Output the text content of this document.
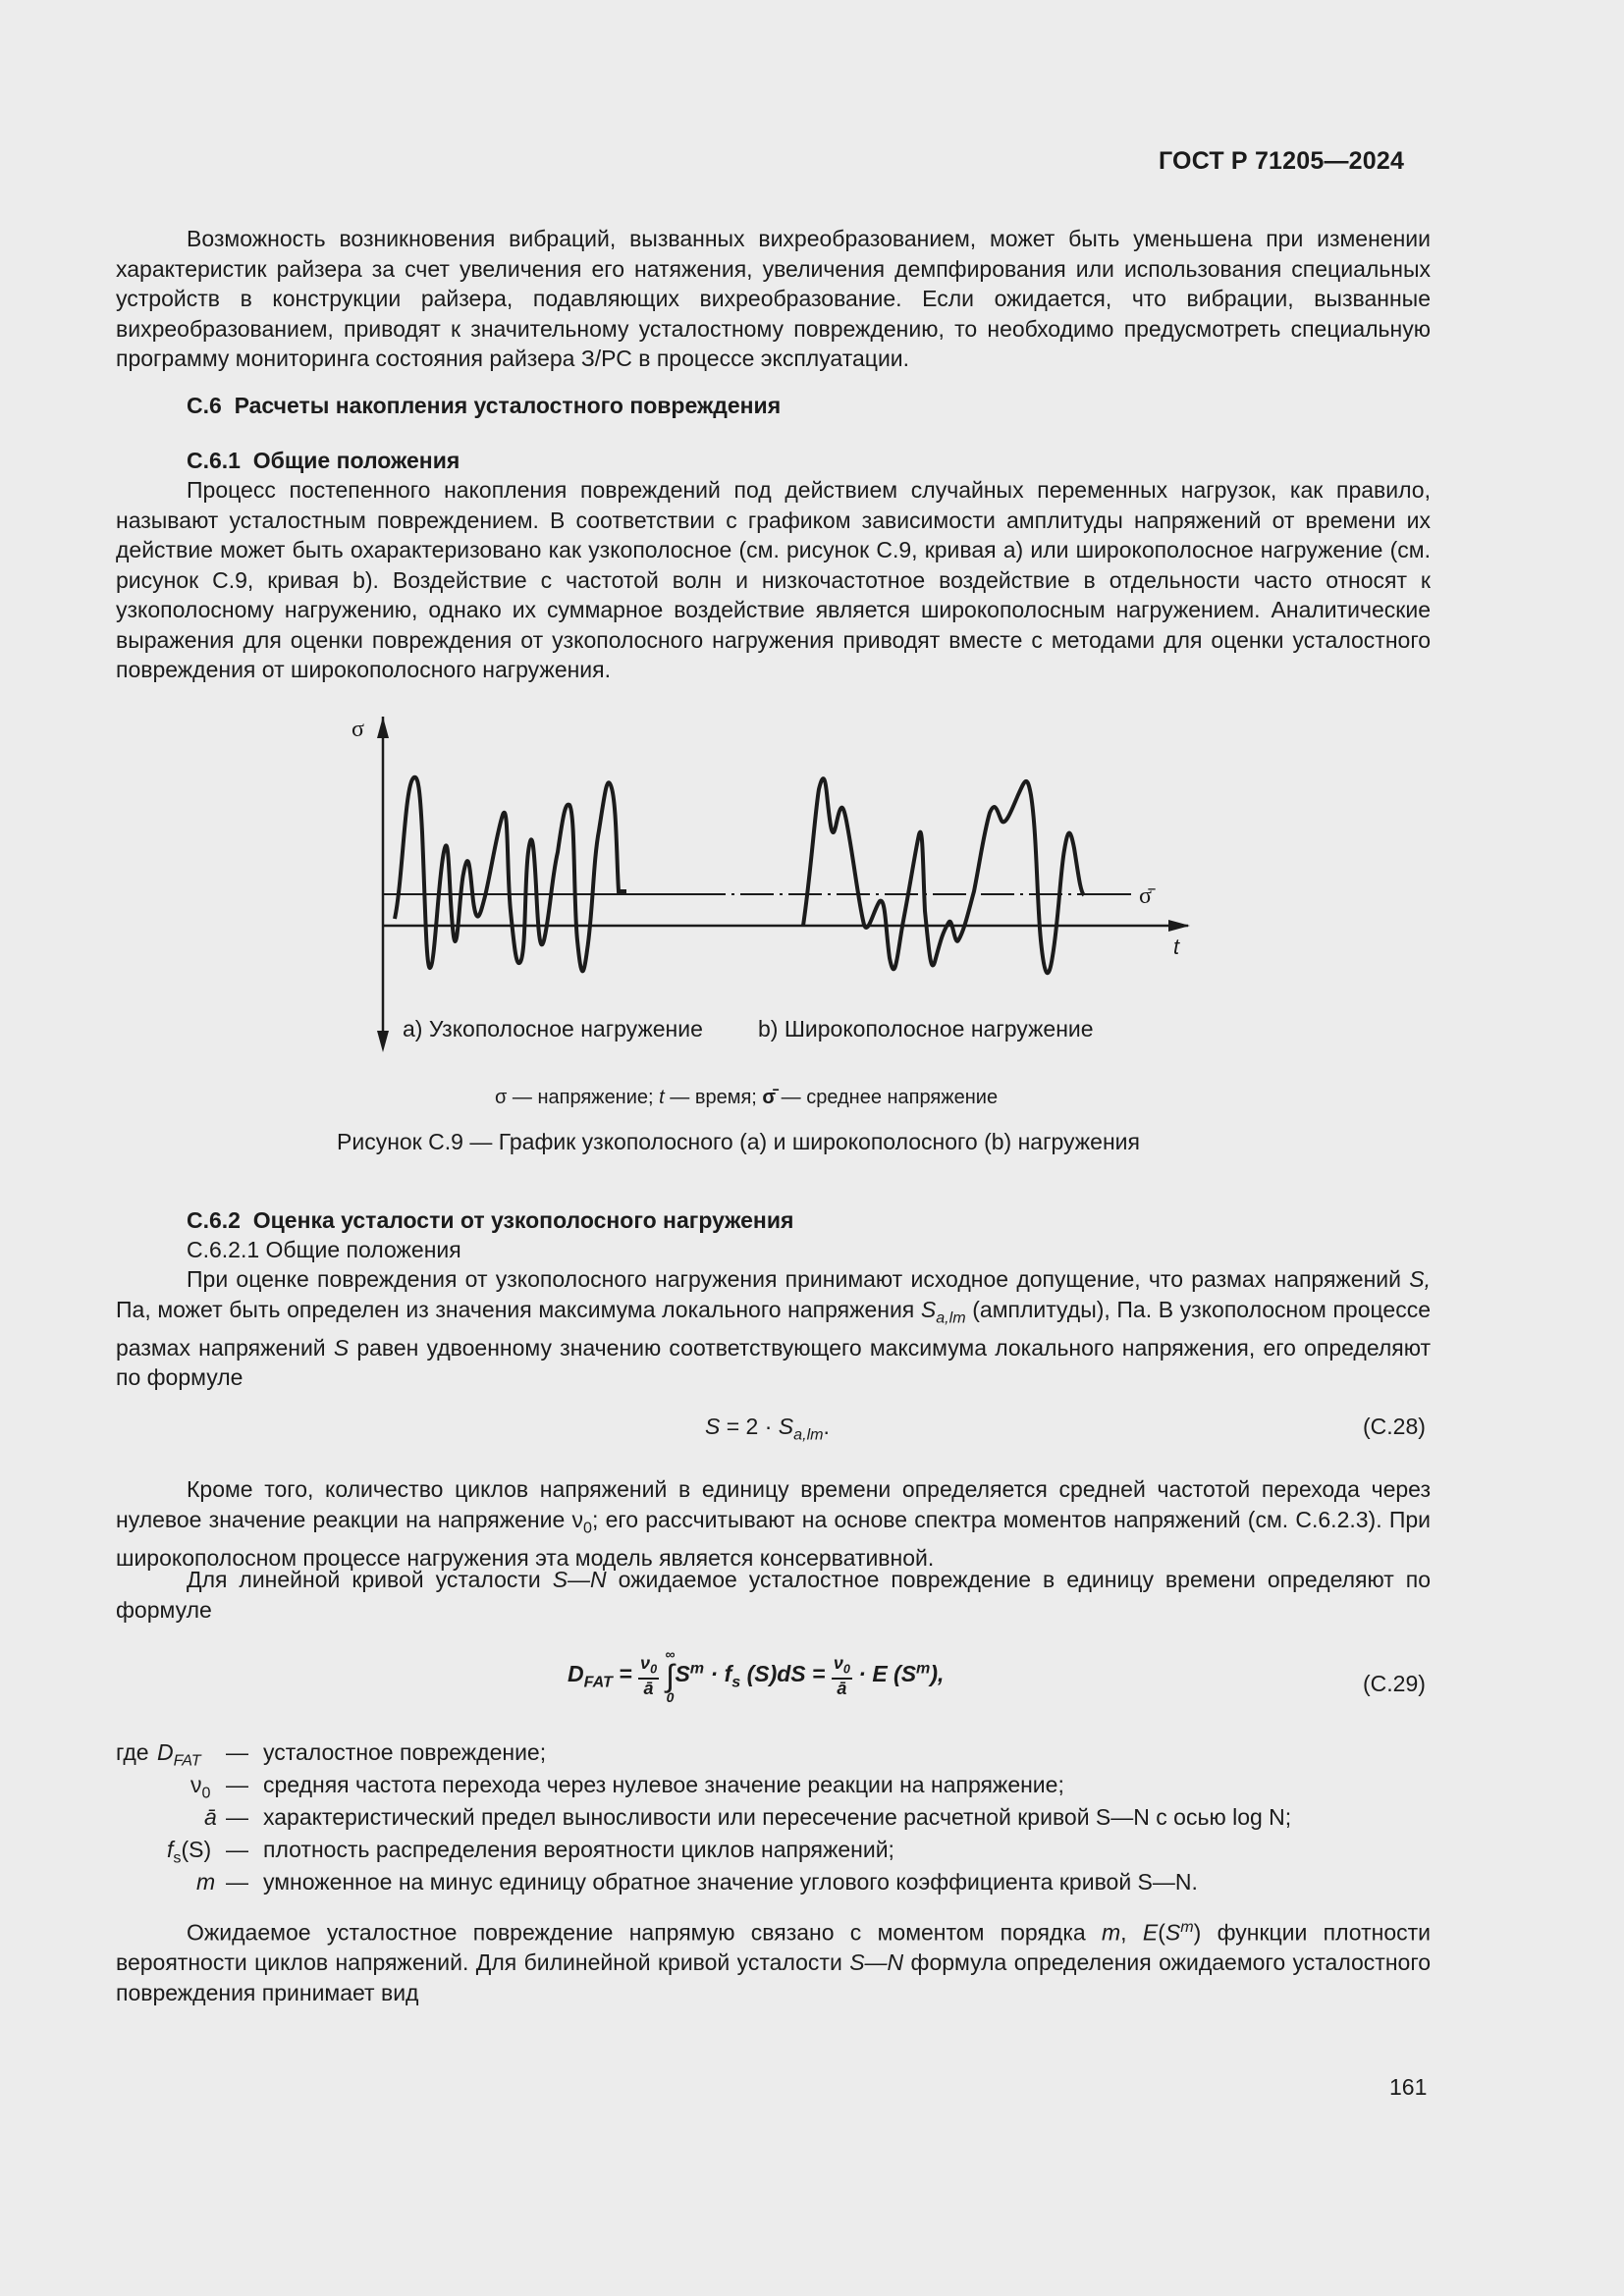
ГОСТ Р 71205—2024
Возможность возникновения вибраций, вызванных вихреобразованием, может быть уменьшена при изменении характеристик райзера за счет увеличения его натяжения, увеличения демпфирования или использования специальных устройств в конструкции райзера, подавляющих вихреобразование. Если ожидается, что вибрации, вызванные вихреобразованием, приводят к значительному усталостному повреждению, то необходимо предусмотреть специальную программу мониторинга состояния райзера З/РС в процессе эксплуатации.
С.6 Расчеты накопления усталостного повреждения
С.6.1 Общие положения
Процесс постепенного накопления повреждений под действием случайных переменных нагрузок, как правило, называют усталостным повреждением. В соответствии с графиком зависимости амплитуды напряжений от времени их действие может быть охарактеризовано как узкополосное (см. рисунок С.9, кривая а) или широкополосное нагружение (см. рисунок С.9, кривая b). Воздействие с частотой волн и низкочастотное воздействие в отдельности часто относят к узкополосному нагружению, однако их суммарное воздействие является широкополосным нагружением. Аналитические выражения для оценки повреждения от узкополосного нагружения приводят вместе с методами для оценки усталостного повреждения от широкополосного нагружения.
σ
t
σ̄
а) Узкополосное нагружение b) Широкополосное нагружение
σ — напряжение; t — время; σ̄ — среднее напряжение
Рисунок С.9 — График узкополосного (а) и широкополосного (b) нагружения
С.6.2 Оценка усталости от узкополосного нагружения
С.6.2.1 Общие положения
При оценке повреждения от узкополосного нагружения принимают исходное допущение, что размах напряжений S, Па, может быть определен из значения максимума локального напряжения $S_{a,lm}$ (амплитуды), Па. В узкополосном процессе размах напряжений S равен удвоенному значению соответствующего максимума локального напряжения, его определяют по формуле
$S = 2 \cdot S_{a,lm}$.	(С.28)
Кроме того, количество циклов напряжений в единицу времени определяется средней частотой перехода через нулевое значение реакции на напряжение $\nu_0$; его рассчитывают на основе спектра моментов напряжений (см. С.6.2.3). При широкополосном процессе нагружения эта модель является консервативной.
Для линейной кривой усталости S—N ожидаемое усталостное повреждение в единицу времени определяют по формуле
$D_{FAT} = \frac{\nu_0}{ā}$ ∞
∫
$0S^m \cdot f_s$ $(S)dS = \frac{\nu_0}{ā} \cdot E$ $(S^m)$,	(С.29)
где $D_{FAT}$ — усталостное повреждение;
$\nu_0$ — средняя частота перехода через нулевое значение реакции на напряжение;
ā — характеристический предел выносливости или пересечение расчетной кривой S—N с осью log N;
$f_s(S)$ — плотность распределения вероятности циклов напряжений;
m — умноженное на минус единицу обратное значение углового коэффициента кривой S—N.
Ожидаемое усталостное повреждение напрямую связано с моментом порядка m, $E(S^m)$ функции плотности вероятности циклов напряжений. Для билинейной кривой усталости S—N формула определения ожидаемого усталостного повреждения принимает вид
161
